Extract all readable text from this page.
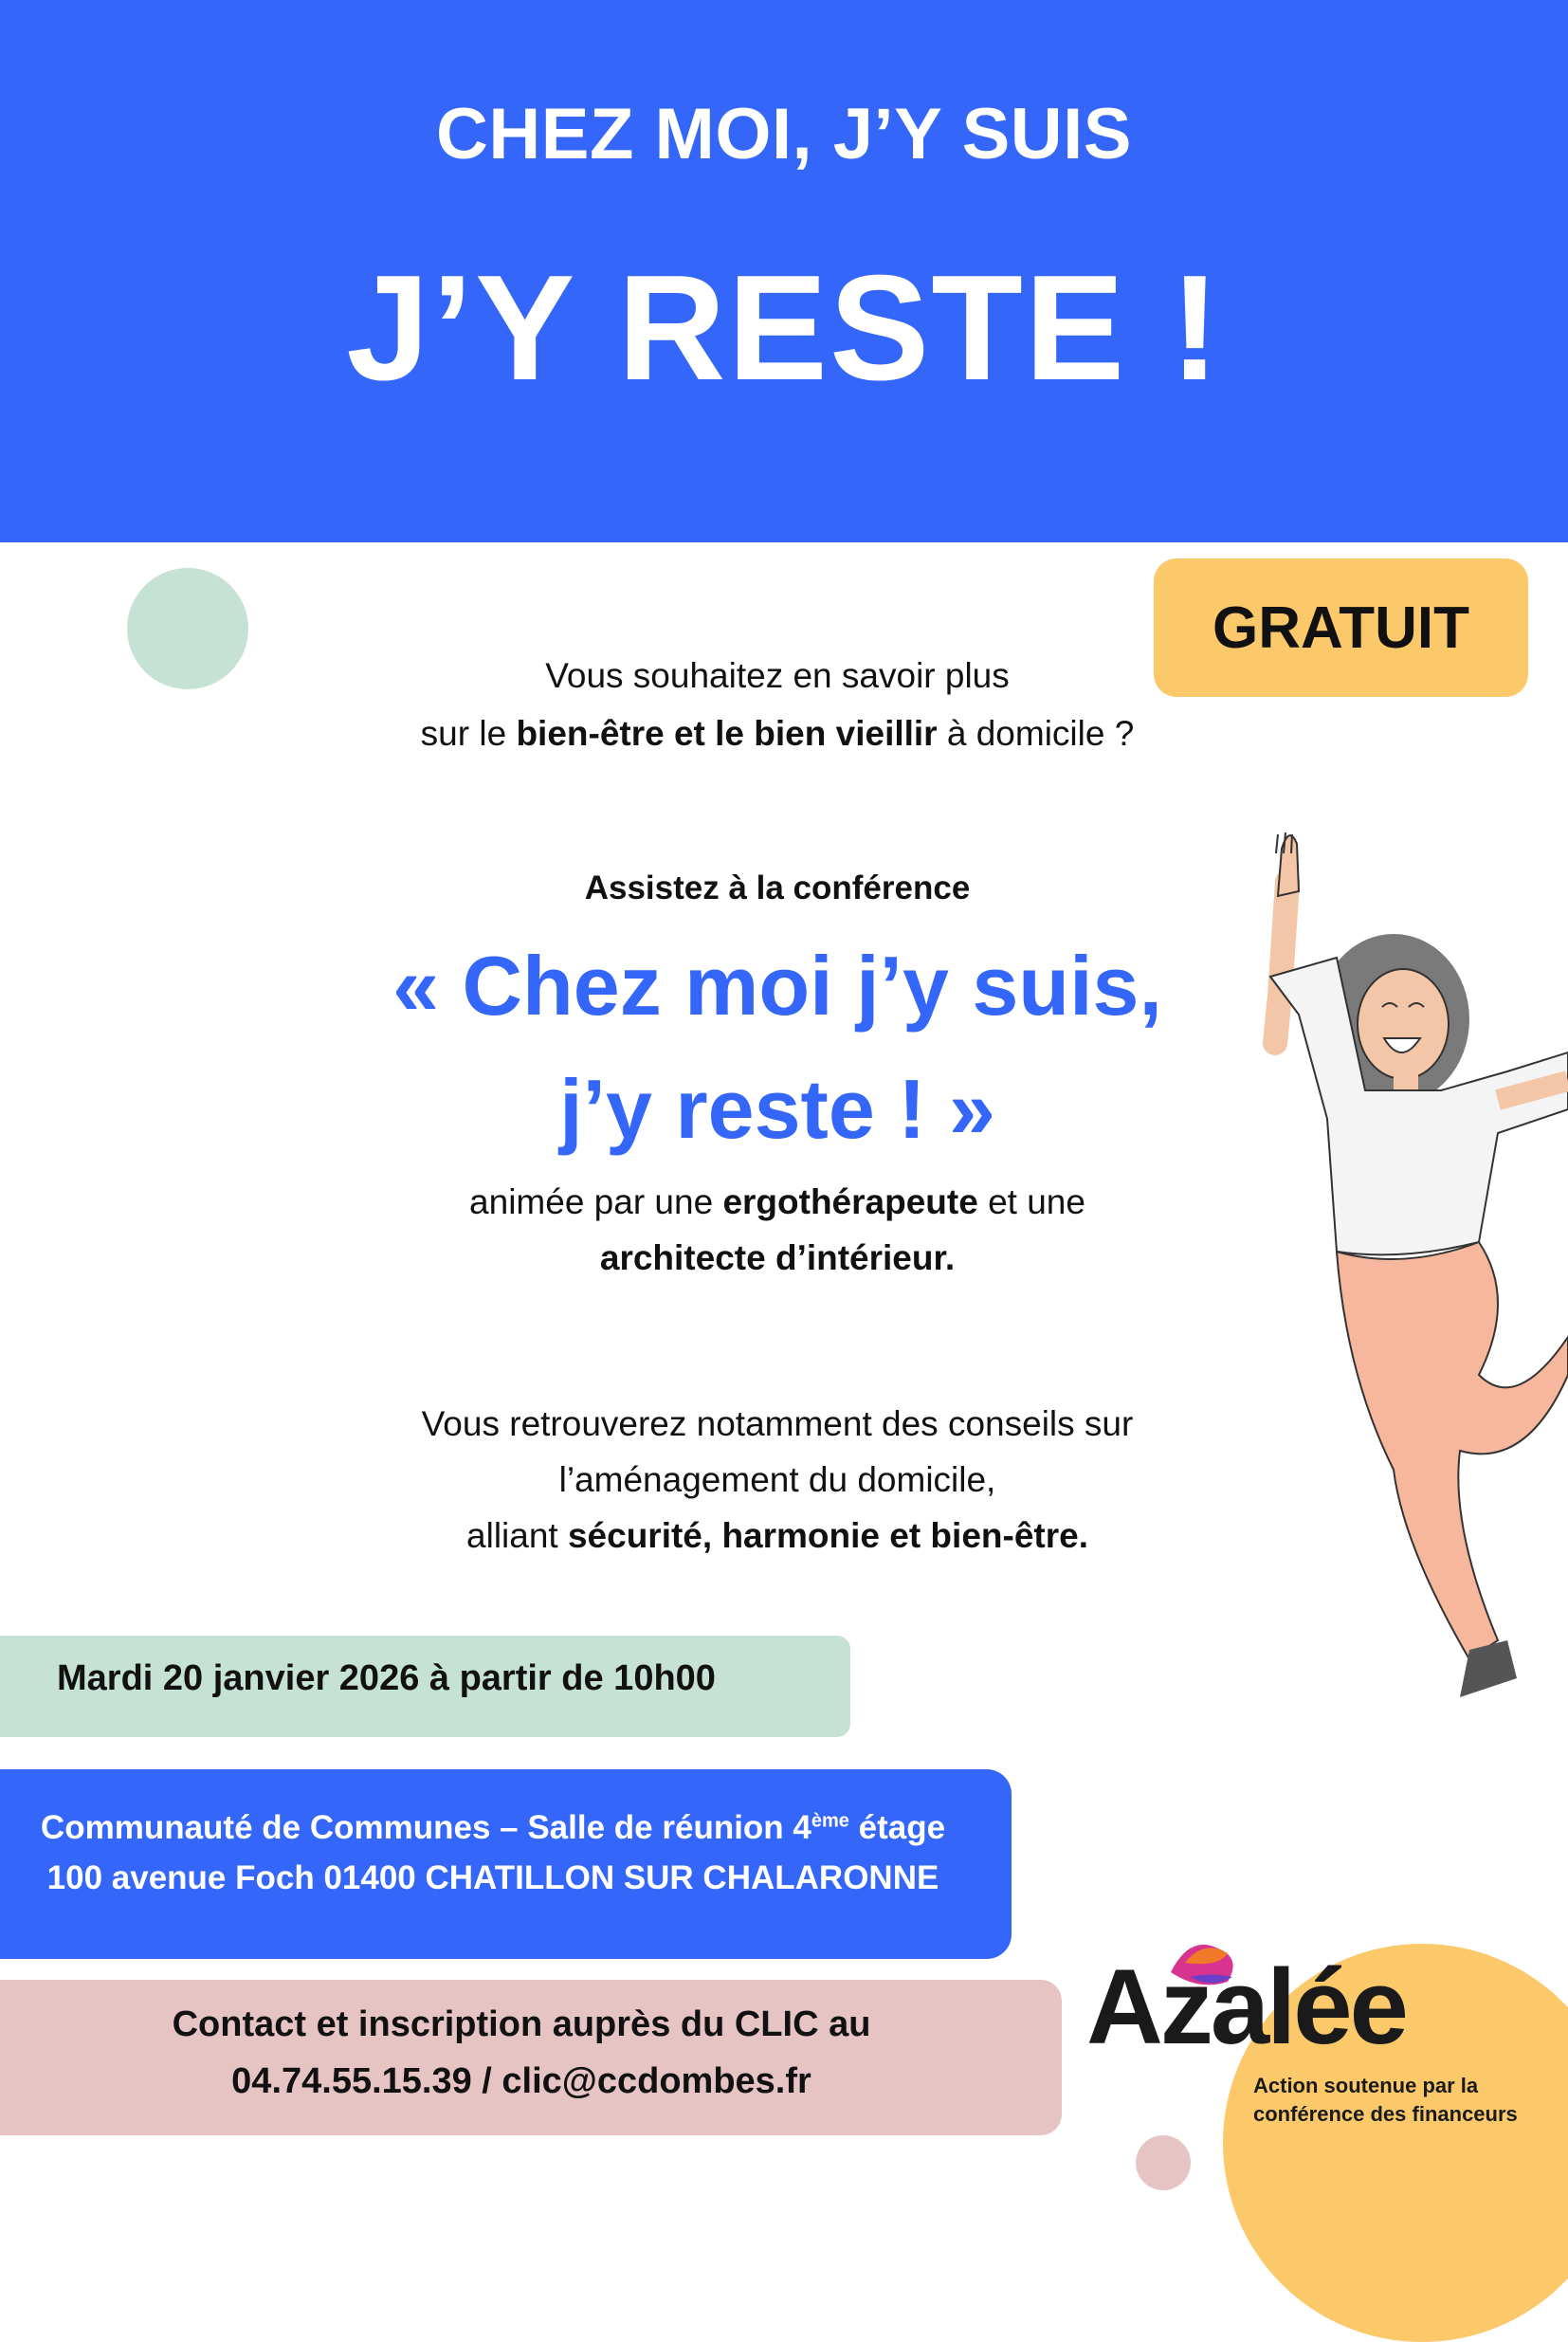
CHEZ MOI, J’Y SUIS
J’Y RESTE !
GRATUIT
Vous souhaitez en savoir plus
sur le bien-être et le bien vieillir à domicile ?
Assistez à la conférence
« Chez moi j’y suis,
j’y reste ! »
animée par une ergothérapeute et une
architecte d’intérieur.
Vous retrouverez notamment des conseils sur
l’aménagement du domicile,
alliant sécurité, harmonie et bien-être.
Mardi 20 janvier 2026 à partir de 10h00
Communauté de Communes – Salle de réunion 4ème étage
100 avenue Foch 01400 CHATILLON SUR CHALARONNE
Contact et inscription auprès du CLIC au
04.74.55.15.39 / clic@ccdombes.fr
Azalée
Action soutenue par la
conférence des financeurs
